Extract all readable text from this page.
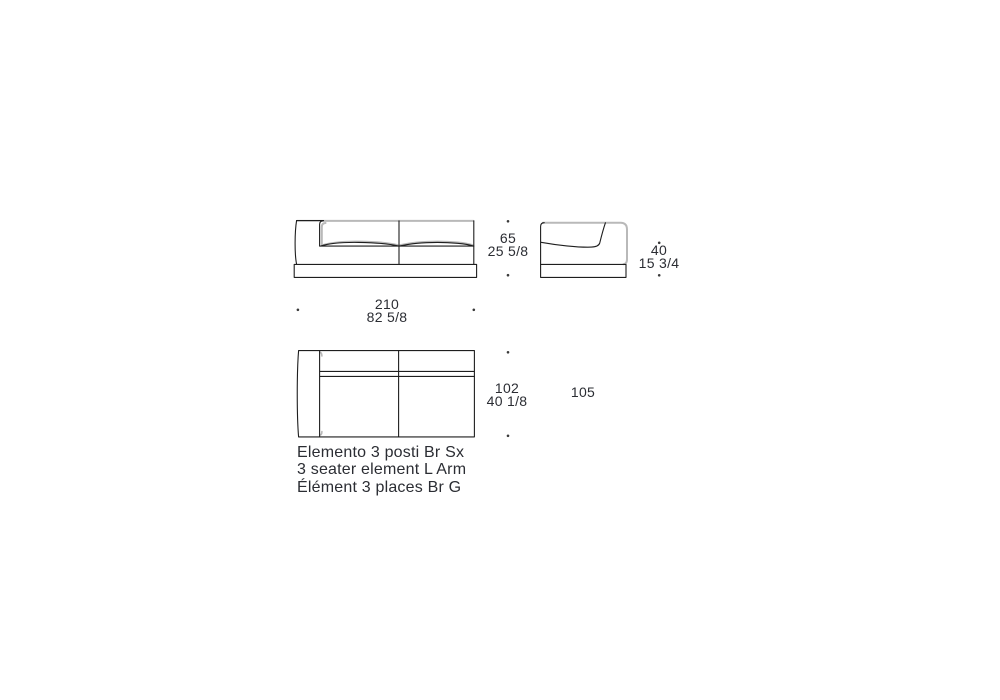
65
25 5/8
210
82 5/8
40
15 3/4
102
40 1/8
105
Elemento 3 posti Br Sx
3 seater element L Arm
Élément 3 places Br G
